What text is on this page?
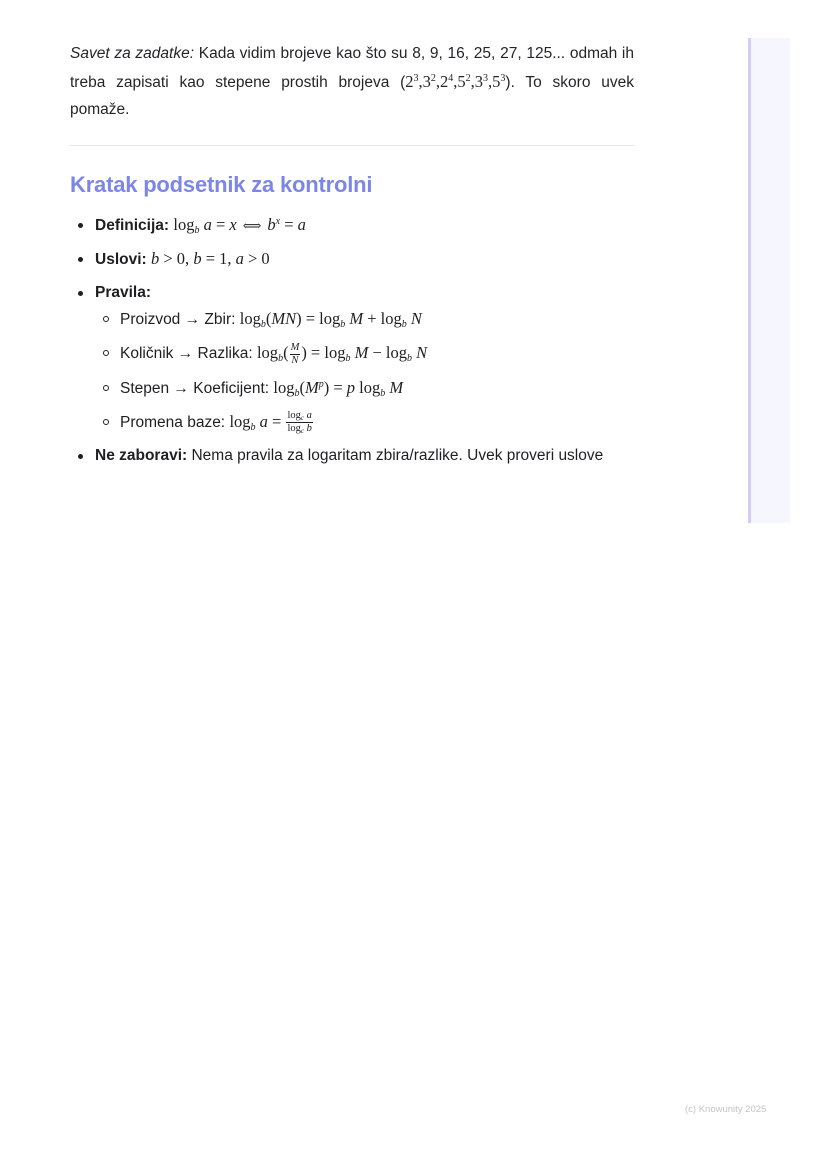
Savet za zadatke: Kada vidim brojeve kao što su 8, 9, 16, 25, 27, 125... odmah ih treba zapisati kao stepene prostih brojeva $(2^3,3^2,2^4,5^2,3^3,5^3)$. To skoro uvek pomaže.

Kratak podsetnik za kontrolni
Definicija: $\log_b a = x$ ⟺ $b^x = a$
Uslovi: b > 0, b = 1, a > 0
Pravila:
Proizvod → Zbir: $\log_b(MN) = \log_b M + \log_b N$
Količnik → Razlika: $\log_b( \frac{M}{N}$ ) = $\log_b M - \log_b N$
Stepen → Koeficijent: $\log_b(M^p) = p$ $\log_b M$
Promena baze: $\log_b a = \frac{\log_c a}{\log_c b}$
Ne zaboravi: Nema pravila za logaritam zbira/razlike. Uvek proveri uslove
(c) Knowunity 2025
